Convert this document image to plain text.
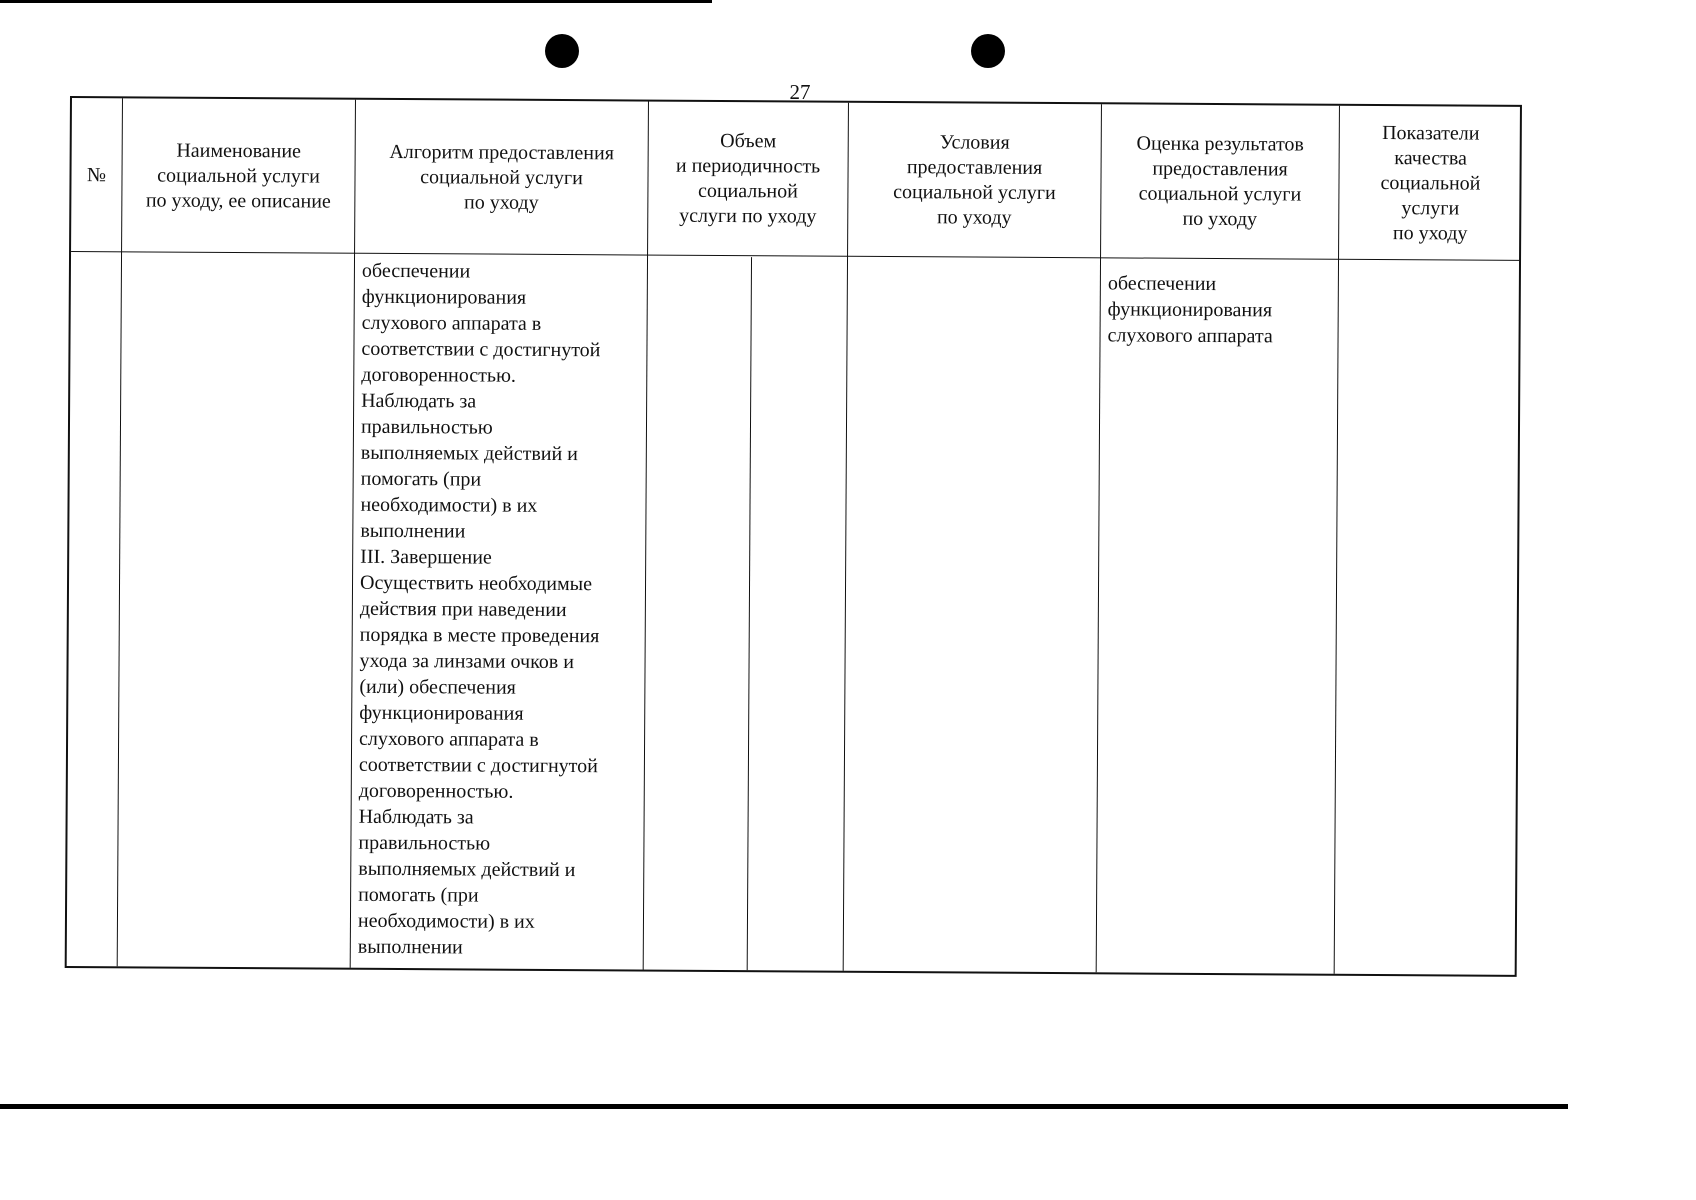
27
№
Наименование
социальной услуги
по уходу, ее описание
Алгоритм предоставления
социальной услуги
по уходу
Объем
и периодичность
социальной
услуги по уходу
Условия
предоставления
социальной услуги
по уходу
Оценка результатов
предоставления
социальной услуги
по уходу
Показатели
качества
социальной
услуги
по уходу
обеспечении
функционирования
слухового аппарата в
соответствии с достигнутой
договоренностью.
Наблюдать за
правильностью
выполняемых действий и
помогать (при
необходимости) в их
выполнении
III. Завершение
Осуществить необходимые
действия при наведении
порядка в месте проведения
ухода за линзами очков и
(или) обеспечения
функционирования
слухового аппарата в
соответствии с достигнутой
договоренностью.
Наблюдать за
правильностью
выполняемых действий и
помогать (при
необходимости) в их
выполнении
обеспечении
функционирования
слухового аппарата
